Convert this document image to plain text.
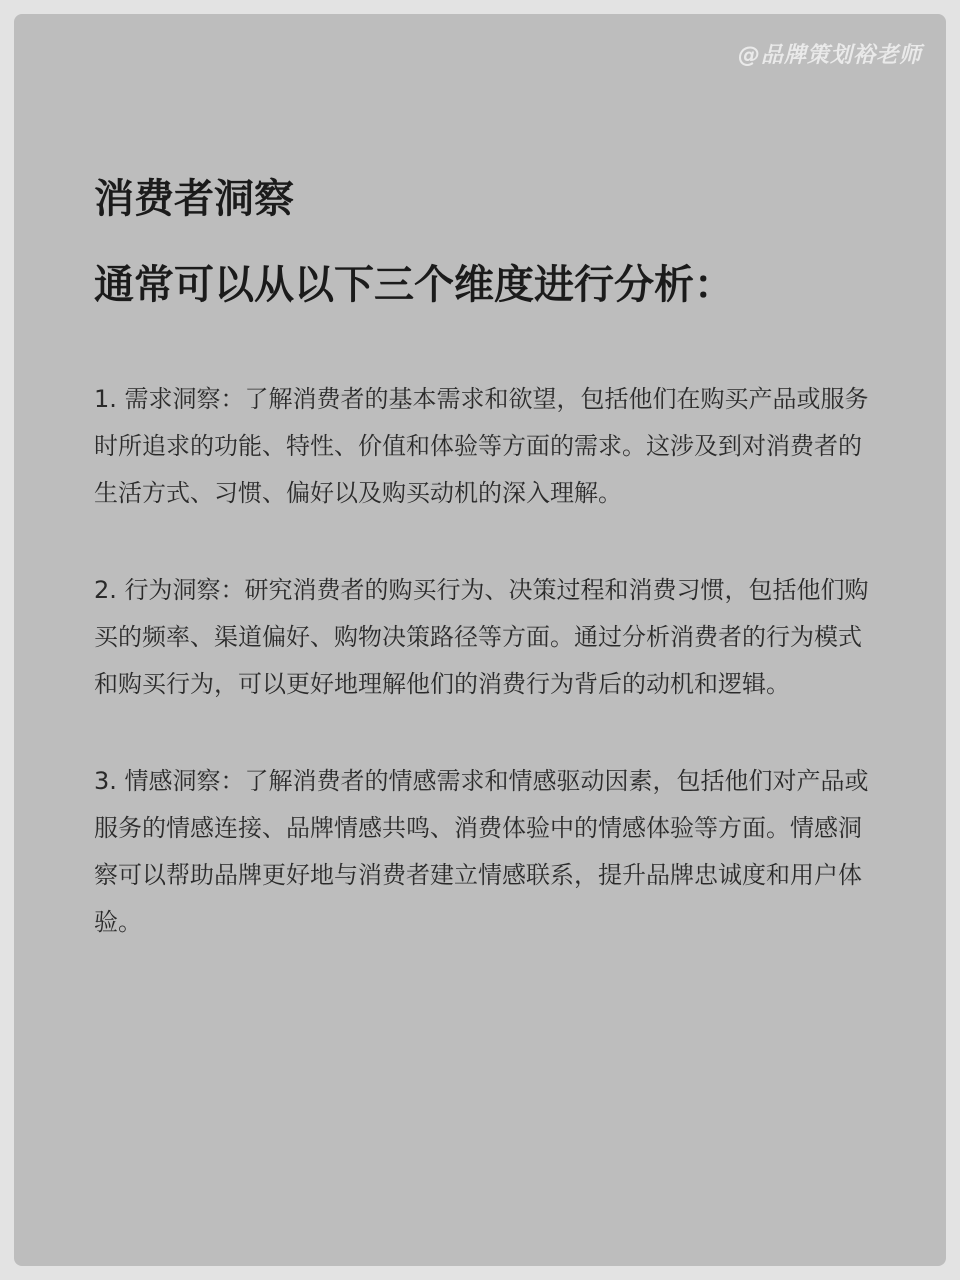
@品牌策划裕老师
消费者洞察
通常可以从以下三个维度进行分析：

1. 需求洞察：了解消费者的基本需求和欲望，包括他们在购买产品或服务时所追求的功能、特性、价值和体验等方面的需求。这涉及到对消费者的生活方式、习惯、偏好以及购买动机的深入理解。

2. 行为洞察：研究消费者的购买行为、决策过程和消费习惯，包括他们购买的频率、渠道偏好、购物决策路径等方面。通过分析消费者的行为模式和购买行为，可以更好地理解他们的消费行为背后的动机和逻辑。

3. 情感洞察：了解消费者的情感需求和情感驱动因素，包括他们对产品或服务的情感连接、品牌情感共鸣、消费体验中的情感体验等方面。情感洞察可以帮助品牌更好地与消费者建立情感联系，提升品牌忠诚度和用户体验。
